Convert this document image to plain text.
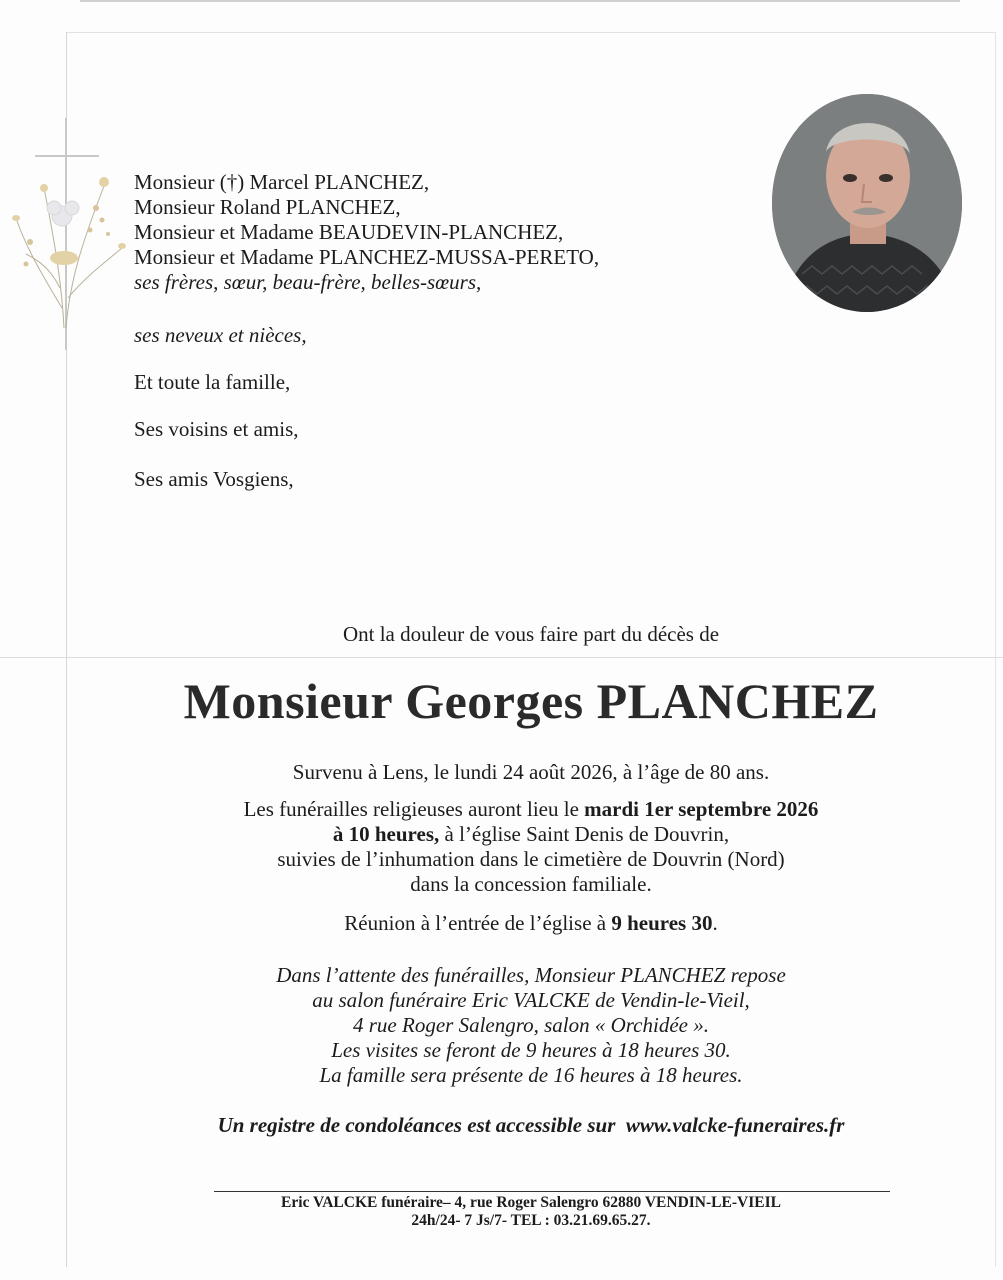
Monsieur (†) Marcel PLANCHEZ,
Monsieur Roland PLANCHEZ,
Monsieur et Madame BEAUDEVIN-PLANCHEZ,
Monsieur et Madame PLANCHEZ-MUSSA-PERETO,
ses frères, sœur, beau-frère, belles-sœurs,
ses neveux et nièces,
Et toute la famille,
Ses voisins et amis,
Ses amis Vosgiens,
Ont la douleur de vous faire part du décès de
Monsieur Georges PLANCHEZ
Survenu à Lens, le lundi 24 août 2026, à l’âge de 80 ans.
Les funérailles religieuses auront lieu le mardi 1er septembre 2026
à 10 heures, à l’église Saint Denis de Douvrin,
suivies de l’inhumation dans le cimetière de Douvrin (Nord)
dans la concession familiale.
Réunion à l’entrée de l’église à 9 heures 30.
Dans l’attente des funérailles, Monsieur PLANCHEZ repose
au salon funéraire Eric VALCKE de Vendin-le-Vieil,
4 rue Roger Salengro, salon « Orchidée ».
Les visites se feront de 9 heures à 18 heures 30.
La famille sera présente de 16 heures à 18 heures.
Un registre de condoléances est accessible sur  www.valcke-funeraires.fr
Eric VALCKE funéraire– 4, rue Roger Salengro 62880 VENDIN-LE-VIEIL
24h/24- 7 Js/7- TEL : 03.21.69.65.27.
